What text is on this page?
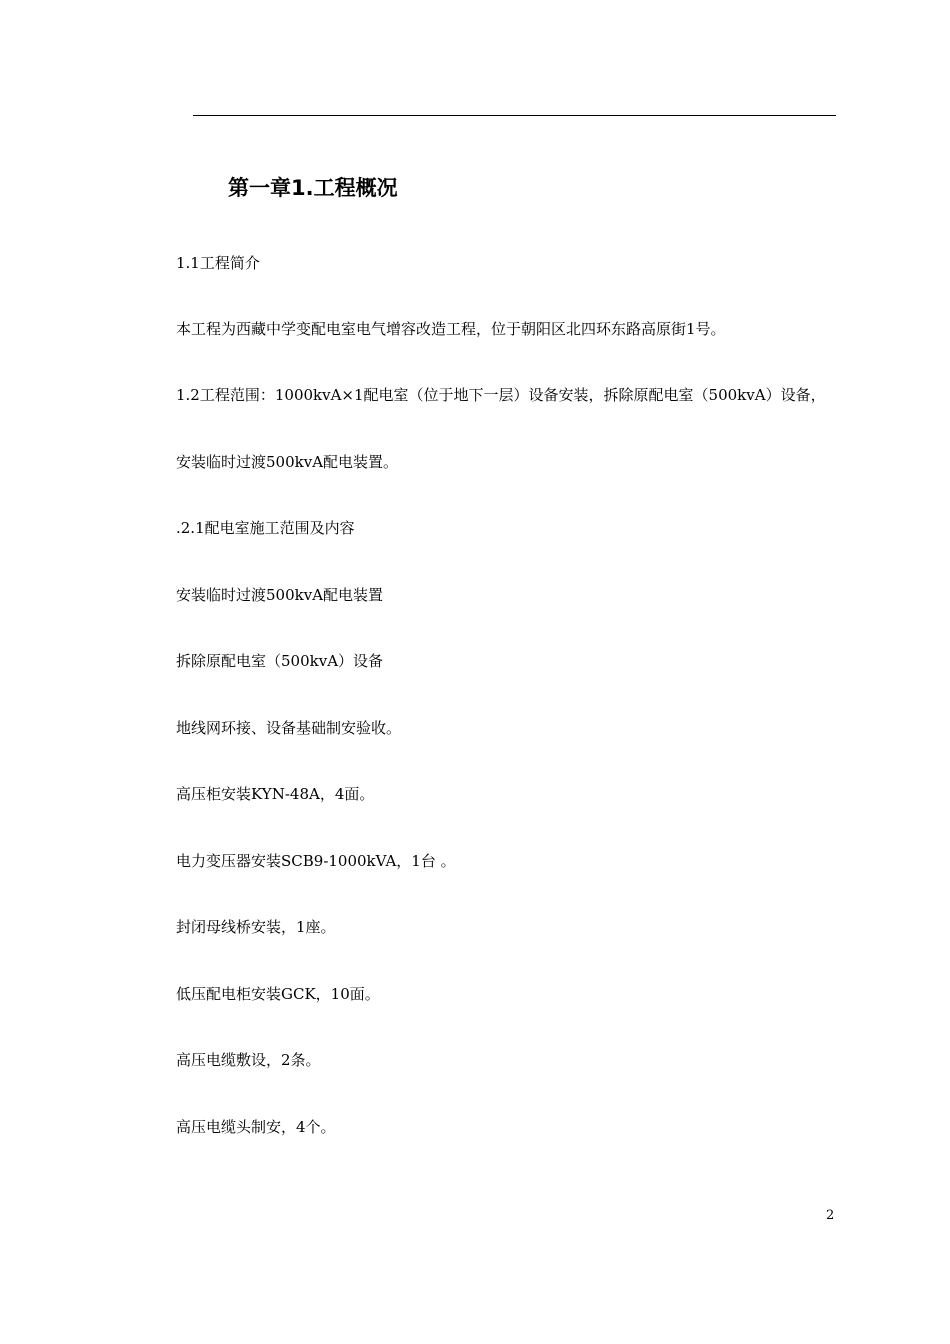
第一章1.工程概况
1.1工程简介
本工程为西藏中学变配电室电气增容改造工程，位于朝阳区北四环东路高原街1号。
1.2工程范围：1000kvA×1配电室（位于地下一层）设备安装，拆除原配电室（500kvA）设备，
安装临时过渡500kvA配电装置。
.2.1配电室施工范围及内容
安装临时过渡500kvA配电装置
拆除原配电室（500kvA）设备
地线网环接、设备基础制安验收。
高压柜安装KYN-48A，4面。
电力变压器安装SCB9-1000kVA，1台 。
封闭母线桥安装，1座。
低压配电柜安装GCK，10面。
高压电缆敷设，2条。
高压电缆头制安，4个。
2
